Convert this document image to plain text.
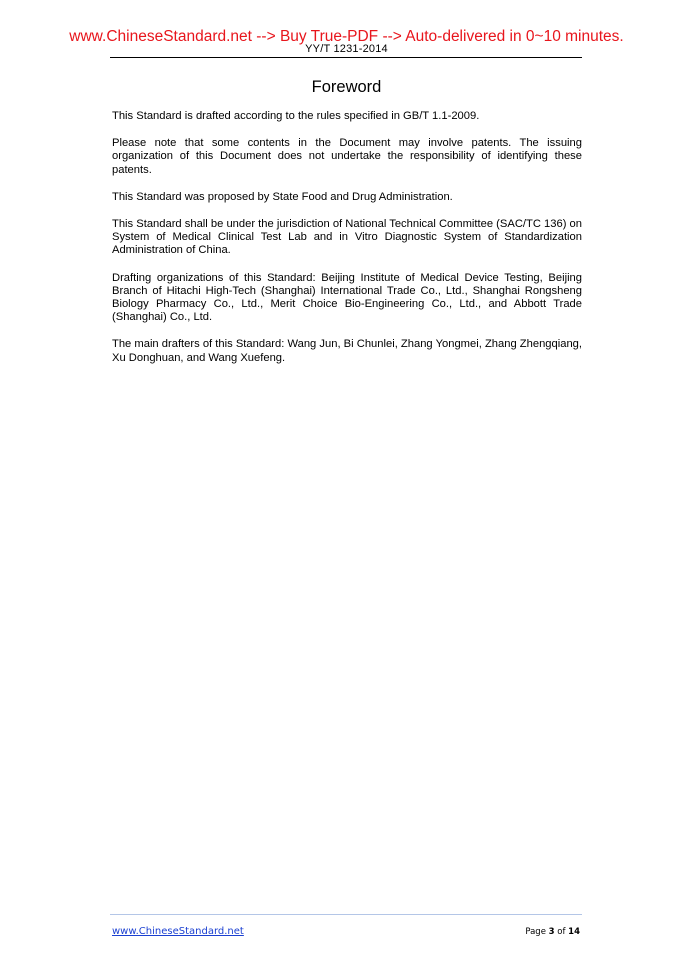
www.ChineseStandard.net --> Buy True-PDF --> Auto-delivered in 0~10 minutes.
YY/T 1231-2014
Foreword

This Standard is drafted according to the rules specified in GB/T 1.1-2009.

Please note that some contents in the Document may involve patents. The issuing organization of this Document does not undertake the responsibility of identifying these patents.

This Standard was proposed by State Food and Drug Administration.

This Standard shall be under the jurisdiction of National Technical Committee (SAC/TC 136) on System of Medical Clinical Test Lab and in Vitro Diagnostic System of Standardization Administration of China.

Drafting organizations of this Standard: Beijing Institute of Medical Device Testing, Beijing Branch of Hitachi High-Tech (Shanghai) International Trade Co., Ltd., Shanghai Rongsheng Biology Pharmacy Co., Ltd., Merit Choice Bio-Engineering Co., Ltd., and Abbott Trade (Shanghai) Co., Ltd.

The main drafters of this Standard: Wang Jun, Bi Chunlei, Zhang Yongmei, Zhang Zhengqiang, Xu Donghuan, and Wang Xuefeng.

www.ChineseStandard.net	Page 3 of 14
